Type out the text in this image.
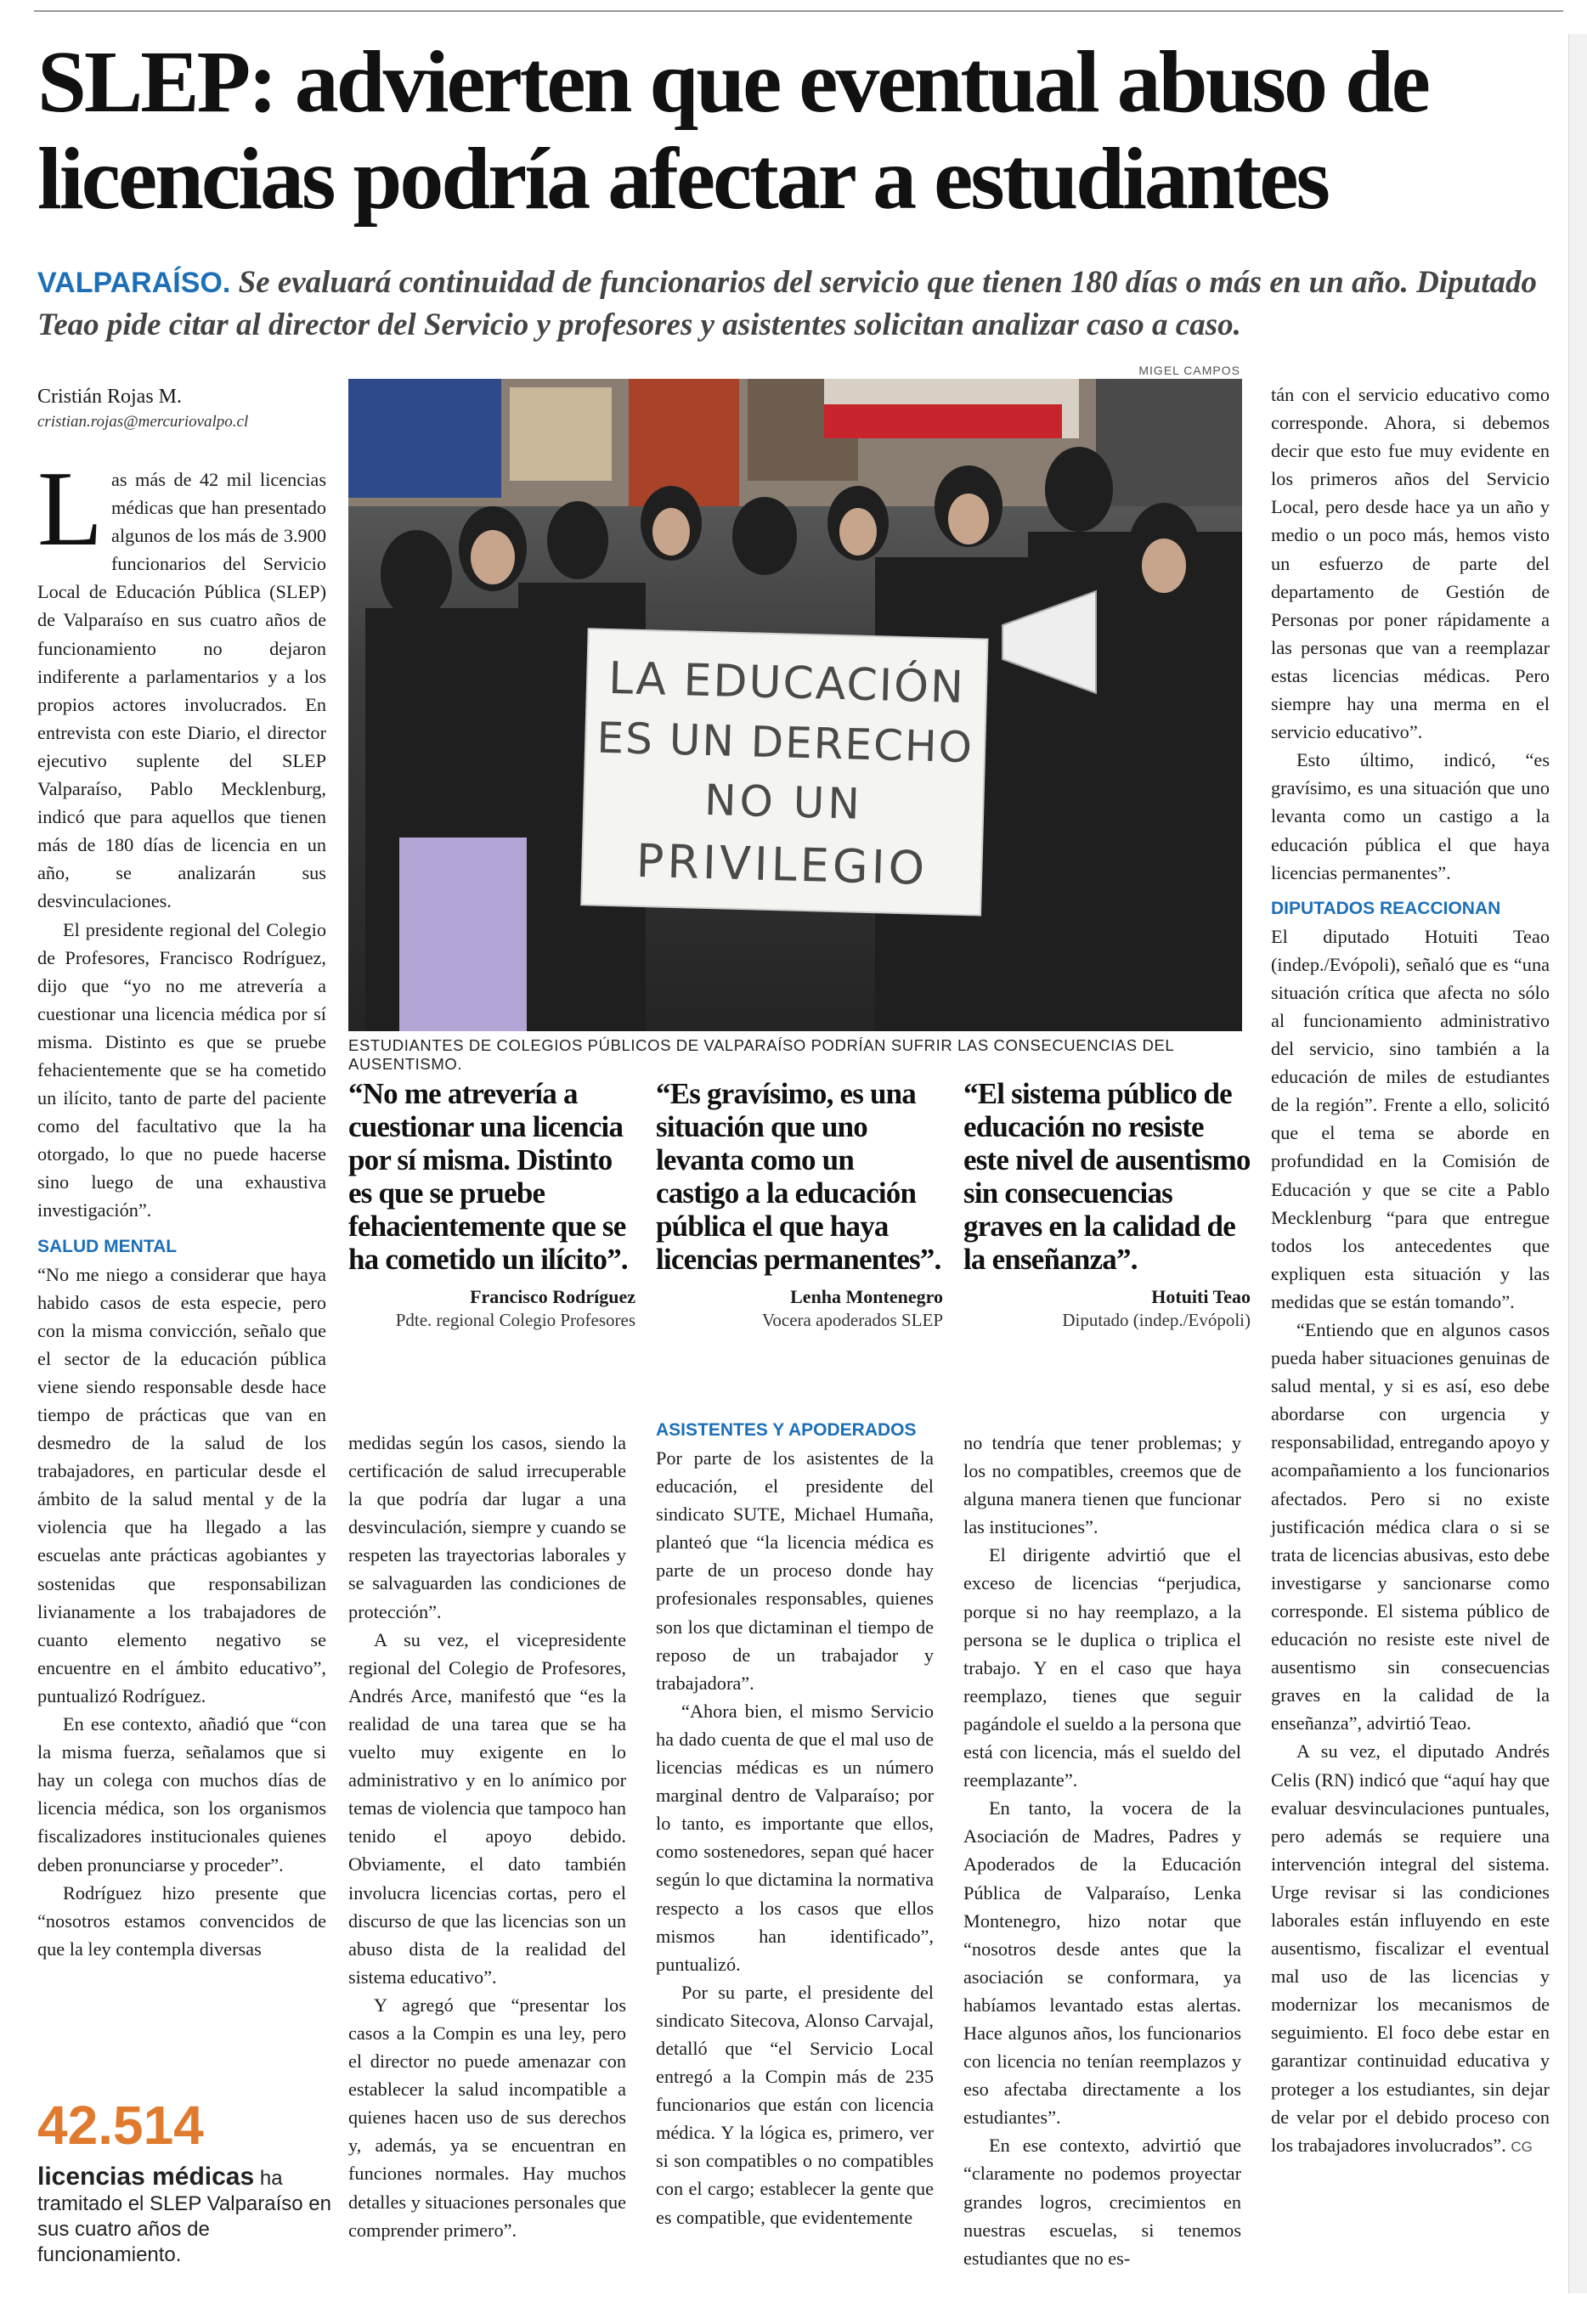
SLEP: advierten que eventual abuso de licencias podría afectar a estudiantes

VALPARAÍSO. Se evaluará continuidad de funcionarios del servicio que tienen 180 días o más en un año. Diputado Teao pide citar al director del Servicio y profesores y asistentes solicitan analizar caso a caso.

Cristián Rojas M.
cristian.rojas@mercuriovalpo.cl

Las más de 42 mil licencias médicas que han presentado algunos de los más de 3.900 funcionarios del Servicio Local de Educación Pública (SLEP) de Valparaíso en sus cuatro años de funcionamiento no dejaron indiferente a parlamentarios y a los propios actores involucrados. En entrevista con este Diario, el director ejecutivo suplente del SLEP Valparaíso, Pablo Mecklenburg, indicó que para aquellos que tienen más de 180 días de licencia en un año, se analizarán sus desvinculaciones.

El presidente regional del Colegio de Profesores, Francisco Rodríguez, dijo que “yo no me atrevería a cuestionar una licencia médica por sí misma. Distinto es que se pruebe fehacientemente que se ha cometido un ilícito, tanto de parte del paciente como del facultativo que la ha otorgado, lo que no puede hacerse sino luego de una exhaustiva investigación”.

SALUD MENTAL

“No me niego a considerar que haya habido casos de esta especie, pero con la misma convicción, señalo que el sector de la educación pública viene siendo responsable desde hace tiempo de prácticas que van en desmedro de la salud de los trabajadores, en particular desde el ámbito de la salud mental y de la violencia que ha llegado a las escuelas ante prácticas agobiantes y sostenidas que responsabilizan livianamente a los trabajadores de cuanto elemento negativo se encuentre en el ámbito educativo”, puntualizó Rodríguez.

En ese contexto, añadió que “con la misma fuerza, señalamos que si hay un colega con muchos días de licencia médica, son los organismos fiscalizadores institucionales quienes deben pronunciarse y proceder”.

Rodríguez hizo presente que “nosotros estamos convencidos de que la ley contempla diversas

42.514
licencias médicas ha tramitado el SLEP Valparaíso en sus cuatro años de funcionamiento.
MIGEL CAMPOS
LA EDUCACIÓN
ES UN DERECHO
NO UN
PRIVILEGIO
ESTUDIANTES DE COLEGIOS PÚBLICOS DE VALPARAÍSO PODRÍAN SUFRIR LAS CONSECUENCIAS DEL AUSENTISMO.
“No me atrevería a cuestionar una licencia por sí misma. Distinto es que se pruebe fehacientemente que se ha cometido un ilícito”.
Francisco Rodríguez
Pdte. regional Colegio Profesores
“Es gravísimo, es una situación que uno levanta como un castigo a la educación pública el que haya licencias permanentes”.
Lenha Montenegro
Vocera apoderados SLEP
“El sistema público de educación no resiste este nivel de ausentismo sin consecuencias graves en la calidad de la enseñanza”.
Hotuiti Teao
Diputado (indep./Evópoli)

medidas según los casos, siendo la certificación de salud irrecuperable la que podría dar lugar a una desvinculación, siempre y cuando se respeten las trayectorias laborales y se salvaguarden las condiciones de protección”.

A su vez, el vicepresidente regional del Colegio de Profesores, Andrés Arce, manifestó que “es la realidad de una tarea que se ha vuelto muy exigente en lo administrativo y en lo anímico por temas de violencia que tampoco han tenido el apoyo debido. Obviamente, el dato también involucra licencias cortas, pero el discurso de que las licencias son un abuso dista de la realidad del sistema educativo”.

Y agregó que “presentar los casos a la Compin es una ley, pero el director no puede amenazar con establecer la salud incompatible a quienes hacen uso de sus derechos y, además, ya se encuentran en funciones normales. Hay muchos detalles y situaciones personales que comprender primero”.

ASISTENTES Y APODERADOS

Por parte de los asistentes de la educación, el presidente del sindicato SUTE, Michael Humaña, planteó que “la licencia médica es parte de un proceso donde hay profesionales responsables, quienes son los que dictaminan el tiempo de reposo de un trabajador y trabajadora”.

“Ahora bien, el mismo Servicio ha dado cuenta de que el mal uso de licencias médicas es un número marginal dentro de Valparaíso; por lo tanto, es importante que ellos, como sostenedores, sepan qué hacer según lo que dictamina la normativa respecto a los casos que ellos mismos han identificado”, puntualizó.

Por su parte, el presidente del sindicato Sitecova, Alonso Carvajal, detalló que “el Servicio Local entregó a la Compin más de 235 funcionarios que están con licencia médica. Y la lógica es, primero, ver si son compatibles o no compatibles con el cargo; establecer la gente que es compatible, que evidentemente

no tendría que tener problemas; y los no compatibles, creemos que de alguna manera tienen que funcionar las instituciones”.

El dirigente advirtió que el exceso de licencias “perjudica, porque si no hay reemplazo, a la persona se le duplica o triplica el trabajo. Y en el caso que haya reemplazo, tienes que seguir pagándole el sueldo a la persona que está con licencia, más el sueldo del reemplazante”.

En tanto, la vocera de la Asociación de Madres, Padres y Apoderados de la Educación Pública de Valparaíso, Lenka Montenegro, hizo notar que “nosotros desde antes que la asociación se conformara, ya habíamos levantado estas alertas. Hace algunos años, los funcionarios con licencia no tenían reemplazos y eso afectaba directamente a los estudiantes”.

En ese contexto, advirtió que “claramente no podemos proyectar grandes logros, crecimientos en nuestras escuelas, si tenemos estudiantes que no es-

tán con el servicio educativo como corresponde. Ahora, si debemos decir que esto fue muy evidente en los primeros años del Servicio Local, pero desde hace ya un año y medio o un poco más, hemos visto un esfuerzo de parte del departamento de Gestión de Personas por poner rápidamente a las personas que van a reemplazar estas licencias médicas. Pero siempre hay una merma en el servicio educativo”.

Esto último, indicó, “es gravísimo, es una situación que uno levanta como un castigo a la educación pública el que haya licencias permanentes”.

DIPUTADOS REACCIONAN

El diputado Hotuiti Teao (indep./Evópoli), señaló que es “una situación crítica que afecta no sólo al funcionamiento administrativo del servicio, sino también a la educación de miles de estudiantes de la región”. Frente a ello, solicitó que el tema se aborde en profundidad en la Comisión de Educación y que se cite a Pablo Mecklenburg “para que entregue todos los antecedentes que expliquen esta situación y las medidas que se están tomando”.

“Entiendo que en algunos casos pueda haber situaciones genuinas de salud mental, y si es así, eso debe abordarse con urgencia y responsabilidad, entregando apoyo y acompañamiento a los funcionarios afectados. Pero si no existe justificación médica clara o si se trata de licencias abusivas, esto debe investigarse y sancionarse como corresponde. El sistema público de educación no resiste este nivel de ausentismo sin consecuencias graves en la calidad de la enseñanza”, advirtió Teao.

A su vez, el diputado Andrés Celis (RN) indicó que “aquí hay que evaluar desvinculaciones puntuales, pero además se requiere una intervención integral del sistema. Urge revisar si las condiciones laborales están influyendo en este ausentismo, fiscalizar el eventual mal uso de las licencias y modernizar los mecanismos de seguimiento. El foco debe estar en garantizar continuidad educativa y proteger a los estudiantes, sin dejar de velar por el debido proceso con los trabajadores involucrados”. CG
